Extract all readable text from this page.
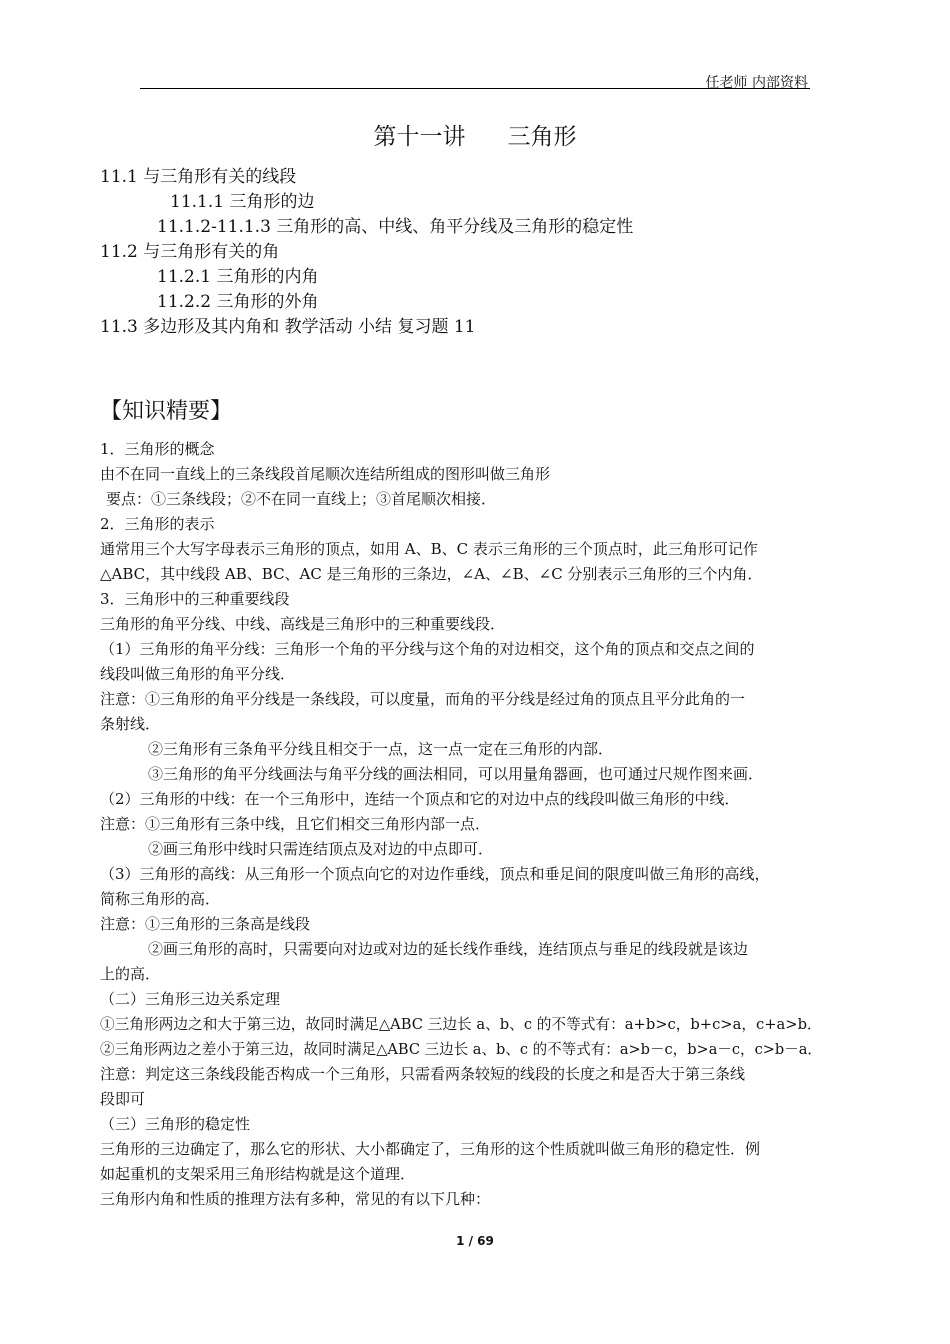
任老师 内部资料
第十一讲 三角形
11.1 与三角形有关的线段
11.1.1 三角形的边
11.1.2-11.1.3 三角形的高、中线、角平分线及三角形的稳定性
11.2 与三角形有关的角
11.2.1 三角形的内角
11.2.2 三角形的外角
11.3 多边形及其内角和 教学活动 小结 复习题 11
【知识精要】
1．三角形的概念
由不在同一直线上的三条线段首尾顺次连结所组成的图形叫做三角形
要点：①三条线段；②不在同一直线上；③首尾顺次相接．
2．三角形的表示
通常用三个大写字母表示三角形的顶点，如用 A、B、C 表示三角形的三个顶点时，此三角形可记作
△ABC，其中线段 AB、BC、AC 是三角形的三条边，∠A、∠B、∠C 分别表示三角形的三个内角．
3．三角形中的三种重要线段
三角形的角平分线、中线、高线是三角形中的三种重要线段．
（1）三角形的角平分线：三角形一个角的平分线与这个角的对边相交，这个角的顶点和交点之间的
线段叫做三角形的角平分线．
注意：①三角形的角平分线是一条线段，可以度量，而角的平分线是经过角的顶点且平分此角的一
条射线．
②三角形有三条角平分线且相交于一点，这一点一定在三角形的内部．
③三角形的角平分线画法与角平分线的画法相同，可以用量角器画，也可通过尺规作图来画．
（2）三角形的中线：在一个三角形中，连结一个顶点和它的对边中点的线段叫做三角形的中线．
注意：①三角形有三条中线，且它们相交三角形内部一点．
②画三角形中线时只需连结顶点及对边的中点即可．
（3）三角形的高线：从三角形一个顶点向它的对边作垂线，顶点和垂足间的限度叫做三角形的高线，
简称三角形的高．
注意：①三角形的三条高是线段
②画三角形的高时，只需要向对边或对边的延长线作垂线，连结顶点与垂足的线段就是该边
上的高．
（二）三角形三边关系定理
①三角形两边之和大于第三边，故同时满足△ABC 三边长 a、b、c 的不等式有：a+b>c，b+c>a，c+a>b．
②三角形两边之差小于第三边，故同时满足△ABC 三边长 a、b、c 的不等式有：a>b－c，b>a－c，c>b－a．
注意：判定这三条线段能否构成一个三角形，只需看两条较短的线段的长度之和是否大于第三条线
段即可
（三）三角形的稳定性
三角形的三边确定了，那么它的形状、大小都确定了，三角形的这个性质就叫做三角形的稳定性．例
如起重机的支架采用三角形结构就是这个道理．
三角形内角和性质的推理方法有多种，常见的有以下几种：
1 / 69
